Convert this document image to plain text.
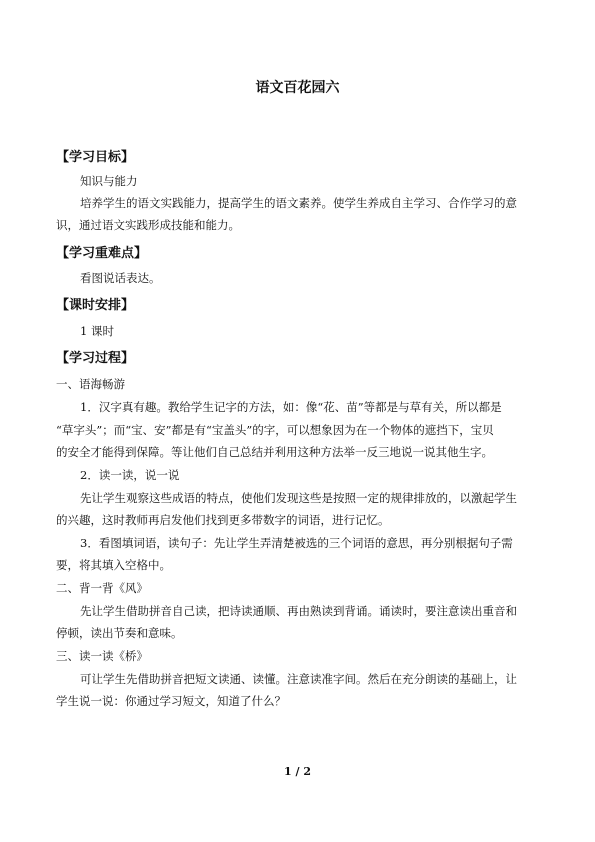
语文百花园六
【学习目标】
知识与能力
培养学生的语文实践能力，提高学生的语文素养。使学生养成自主学习、合作学习的意
识，通过语文实践形成技能和能力。
【学习重难点】
看图说话表达。
【课时安排】
1 课时
【学习过程】
一、语海畅游
1．汉字真有趣。教给学生记字的方法，如：像“花、苗”等都是与草有关，所以都是
“草字头”；而“宝、安”都是有“宝盖头”的字，可以想象因为在一个物体的遮挡下，宝贝
的安全才能得到保障。等让他们自己总结并利用这种方法举一反三地说一说其他生字。
2．读一读，说一说
先让学生观察这些成语的特点，使他们发现这些是按照一定的规律排放的，以激起学生
的兴趣，这时教师再启发他们找到更多带数字的词语，进行记忆。
3．看图填词语，读句子：先让学生弄清楚被选的三个词语的意思，再分别根据句子需
要，将其填入空格中。
二、背一背《风》
先让学生借助拼音自己读，把诗读通顺、再由熟读到背诵。诵读时，要注意读出重音和
停顿，读出节奏和意味。
三、读一读《桥》
可让学生先借助拼音把短文读通、读懂。注意读准字间。然后在充分朗读的基础上，让
学生说一说：你通过学习短文，知道了什么？
1 / 2
